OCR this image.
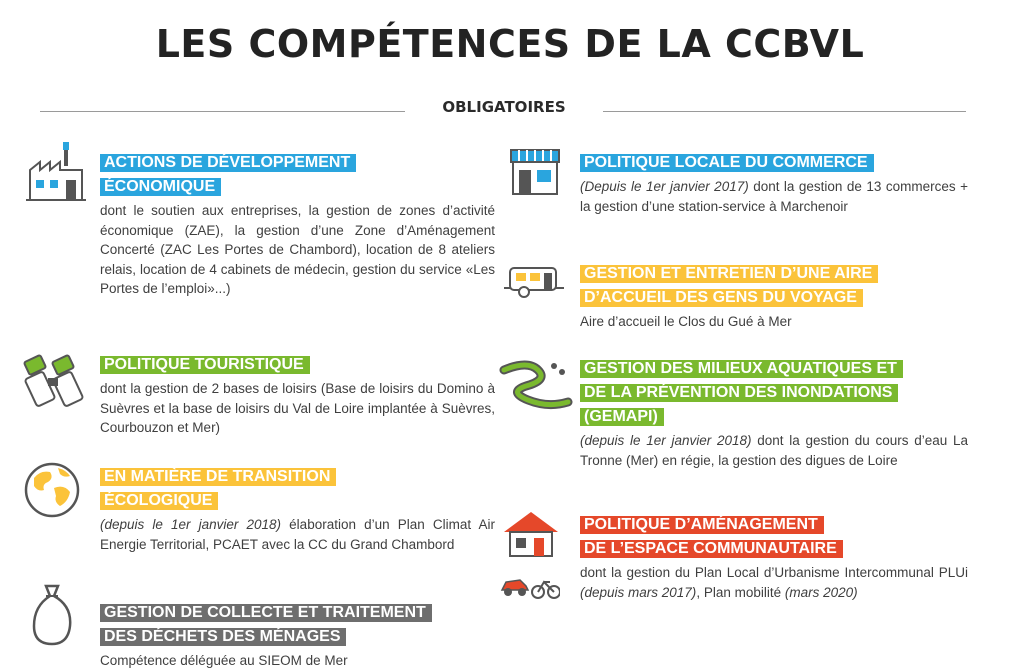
LES COMPÉTENCES DE LA CCBVL
OBLIGATOIRES
ACTIONS DE DÉVELOPPEMENT
ÉCONOMIQUE
dont le soutien aux entreprises, la gestion de zones d’activité économique (ZAE), la gestion d’une Zone d’Aménagement Concerté (ZAC Les Portes de Chambord), location de 8 ateliers relais, location de 4 cabinets de médecin, gestion du service «Les Portes de l’emploi»...)
POLITIQUE TOURISTIQUE
dont la gestion de 2 bases de loisirs (Base de loisirs du Domino à Suèvres et la base de loisirs du Val de Loire implantée à Suèvres, Courbouzon et Mer)
EN MATIÈRE DE TRANSITION
ÉCOLOGIQUE
(depuis le 1er janvier 2018) élaboration d’un Plan Climat Air Energie Territorial, PCAET avec la CC du Grand Chambord
GESTION DE COLLECTE ET TRAITEMENT
DES DÉCHETS DES MÉNAGES
Compétence déléguée au SIEOM de Mer
POLITIQUE LOCALE DU COMMERCE
(Depuis le 1er janvier 2017) dont la gestion de 13 commerces + la gestion d’une station-service à Marchenoir
GESTION ET ENTRETIEN D’UNE AIRE
D’ACCUEIL DES GENS DU VOYAGE
Aire d’accueil le Clos du Gué à Mer
GESTION DES MILIEUX AQUATIQUES ET
DE LA PRÉVENTION DES INONDATIONS
(GEMAPI)
(depuis le 1er janvier 2018) dont la gestion du cours d’eau La Tronne (Mer) en régie, la gestion des digues de Loire
POLITIQUE D’AMÉNAGEMENT
DE L’ESPACE COMMUNAUTAIRE
dont la gestion du Plan Local d’Urbanisme Intercommunal PLUi (depuis mars 2017), Plan mobilité (mars 2020)
